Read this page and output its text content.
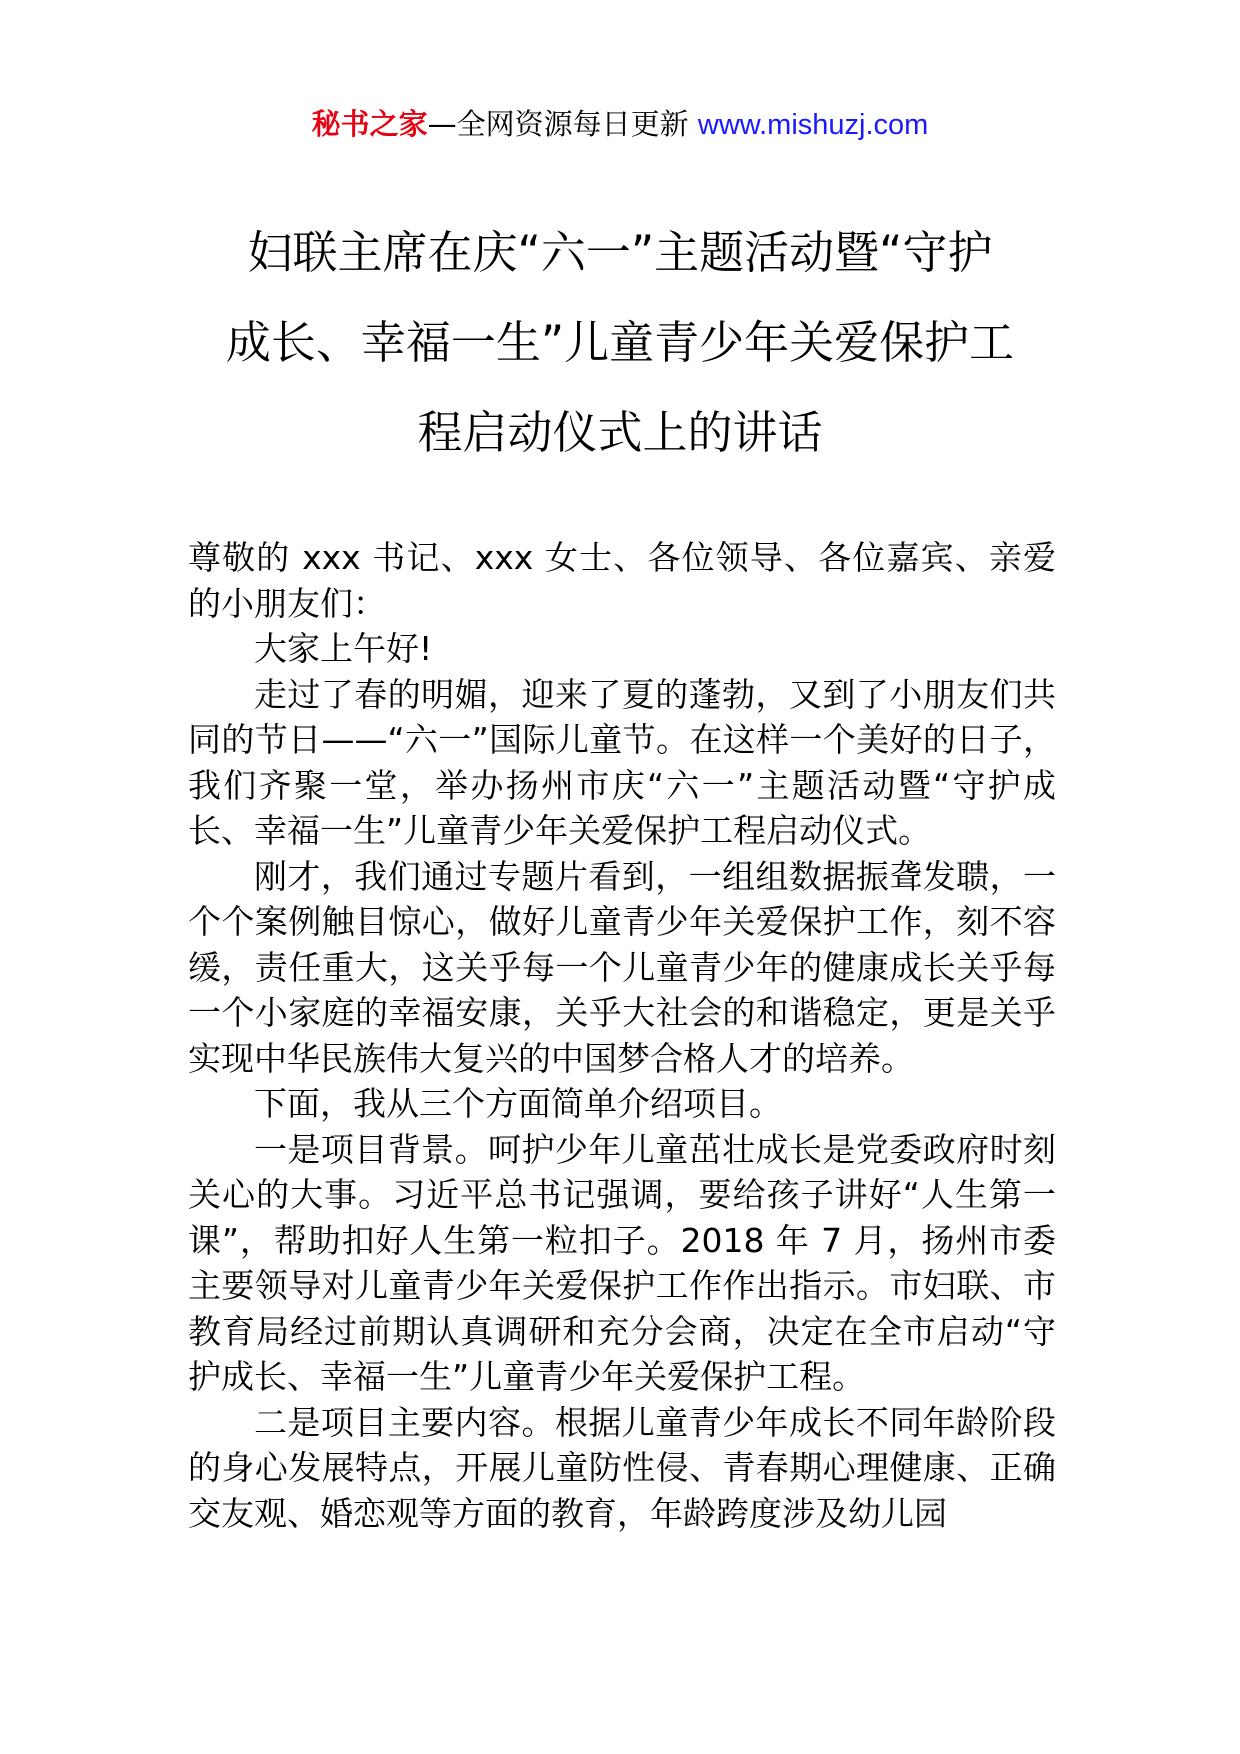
秘书之家—全网资源每日更新 www.mishuzj.com
妇联主席在庆“六一”主题活动暨“守护
成长、幸福一生”儿童青少年关爱保护工
程启动仪式上的讲话

尊敬的 xxx 书记、xxx 女士、各位领导、各位嘉宾、亲爱的小朋友们：

大家上午好!

走过了春的明媚，迎来了夏的蓬勃，又到了小朋友们共同的节日——“六一”国际儿童节。在这样一个美好的日子，我们齐聚一堂，举办扬州市庆“六一”主题活动暨“守护成长、幸福一生”儿童青少年关爱保护工程启动仪式。

刚才，我们通过专题片看到，一组组数据振聋发聩，一个个案例触目惊心，做好儿童青少年关爱保护工作，刻不容缓，责任重大，这关乎每一个儿童青少年的健康成长关乎每一个小家庭的幸福安康，关乎大社会的和谐稳定，更是关乎实现中华民族伟大复兴的中国梦合格人才的培养。

下面，我从三个方面简单介绍项目。

一是项目背景。呵护少年儿童茁壮成长是党委政府时刻关心的大事。习近平总书记强调，要给孩子讲好“人生第一课”，帮助扣好人生第一粒扣子。2018 年 7 月，扬州市委主要领导对儿童青少年关爱保护工作作出指示。市妇联、市教育局经过前期认真调研和充分会商，决定在全市启动“守护成长、幸福一生”儿童青少年关爱保护工程。

二是项目主要内容。根据儿童青少年成长不同年龄阶段的身心发展特点，开展儿童防性侵、青春期心理健康、正确交友观、婚恋观等方面的教育，年龄跨度涉及幼儿园
